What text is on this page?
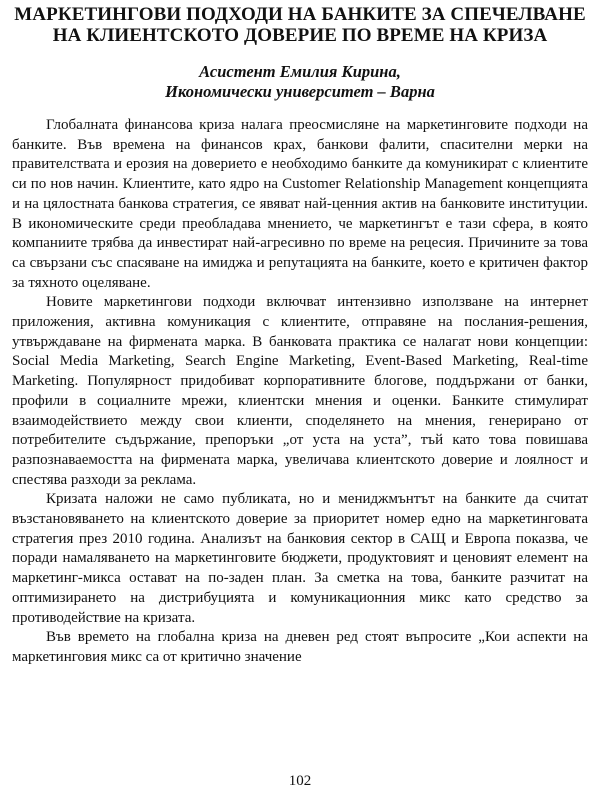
МАРКЕТИНГОВИ ПОДХОДИ НА БАНКИТЕ ЗА СПЕЧЕЛВАНЕ НА КЛИЕНТСКОТО ДОВЕРИЕ ПО ВРЕМЕ НА КРИЗА
Асистент Емилия Кирина,
Икономически университет – Варна

Глобалната финансова криза налага преосмисляне на маркетинговите подходи на банките. Във времена на финансов крах, банкови фалити, спасителни мерки на правителствата и ерозия на доверието е необходимо банките да комуникират с клиентите си по нов начин. Клиентите, като ядро на Customer Relationship Management концепцията и на цялостната банкова стратегия, се явяват най-ценния актив на банковите институции. В икономическите среди преобладава мнението, че маркетингът е тази сфера, в която компаниите трябва да инвестират най-агресивно по време на рецесия. Причините за това са свързани със спасяване на имиджа и репутацията на банките, което е критичен фактор за тяхното оцеляване.

Новите маркетингови подходи включват интензивно използване на интернет приложения, активна комуникация с клиентите, отправяне на послания-решения, утвърждаване на фирмената марка. В банковата практика се налагат нови концепции: Social Media Marketing, Search Engine Marketing, Event-Based Marketing, Real-time Marketing. Популярност придобиват корпоративните блогове, поддържани от банки, профили в социалните мрежи, клиентски мнения и оценки. Банките стимулират взаимодействието между свои клиенти, споделянето на мнения, генерирано от потребителите съдържание, препоръки „от уста на уста”, тъй като това повишава разпознаваемостта на фирмената марка, увеличава клиентското доверие и лоялност и спестява разходи за реклама.

Кризата наложи не само публиката, но и мениджмънтът на банките да считат възстановяването на клиентското доверие за приоритет номер едно на маркетинговата стратегия през 2010 година. Анализът на банковия сектор в САЩ и Европа показва, че поради намаляването на маркетинговите бюджети, продуктовият и ценовият елемент на маркетинг-микса остават на по-заден план. За сметка на това, банките разчитат на оптимизирането на дистрибуцията и комуникационния микс като средство за противодействие на кризата.

Във времето на глобална криза на дневен ред стоят въпросите „Кои аспекти на маркетинговия микс са от критично значение

102
